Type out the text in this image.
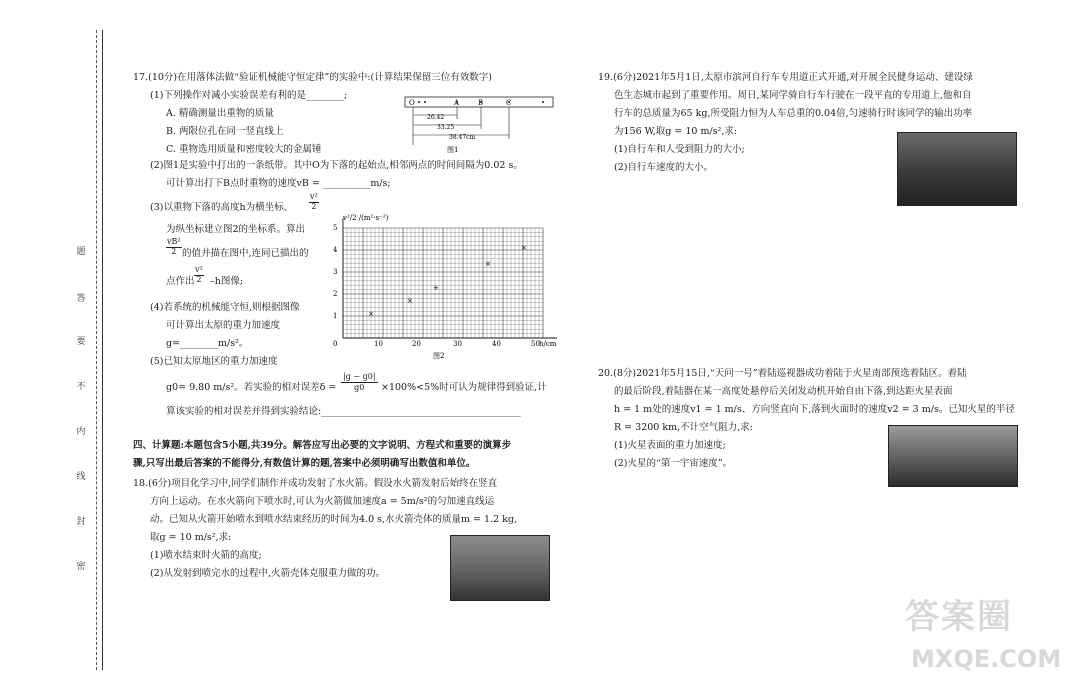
题
答
要
不
内
线
封
密
17.(10分)在用落体法做“验证机械能守恒定律”的实验中:(计算结果保留三位有效数字)
(1)下列操作对减小实验误差有利的是________;
A. 精确测量出重物的质量
B. 两限位孔在同一竖直线上
C. 重物选用质量和密度较大的金属锤
(2)图1是实验中打出的一条纸带。其中O为下落的起始点,相邻两点的时间间隔为0.02 s。
可计算出打下B点时重物的速度vB = __________m/s;
(3)以重物下落的高度h为横坐标、
v²
2
为纵坐标建立图2的坐标系。算出
vB²
2 的值并描在图中,连同已描出的
点作出
v²
2 –h图像;
(4)若系统的机械能守恒,则根据图像
可计算出太原的重力加速度
g=________m/s²。
(5)已知太原地区的重力加速度
g0= 9.80 m/s²。若实验的相对误差δ =
|g − g0|
g0	×100%<5%时可认为规律得到验证,计
算该实验的相对误差并得到实验结论:__________________________________________
O	A	B	C
26.42
33.25
38.47cm
图1
v²/2 /(m²·s⁻²)
h/cm
图2
0	10	20	30	40	50
1
2
3
4
5
×
×
×
×
+
四、计算题:本题包含5小题,共39分。解答应写出必要的文字说明、方程式和重要的演算步
骤,只写出最后答案的不能得分,有数值计算的题,答案中必须明确写出数值和单位。
18.(6分)项目化学习中,同学们制作并成功发射了水火箭。假设水火箭发射后始终在竖直
方向上运动。在水火箭向下喷水时,可认为火箭做加速度a = 5m/s²的匀加速直线运
动。已知从火箭开始喷水到喷水结束经历的时间为4.0 s,水火箭壳体的质量m = 1.2 kg,
取g = 10 m/s²,求:
(1)喷水结束时火箭的高度;
(2)从发射到喷完水的过程中,火箭壳体克服重力做的功。
19.(6分)2021年5月1日,太原市滨河自行车专用道正式开通,对开展全民健身运动、建设绿
色生态城市起到了重要作用。周日,某同学骑自行车行驶在一段平直的专用道上,他和自
行车的总质量为65 kg,所受阻力恒为人车总重的0.04倍,匀速骑行时该同学的输出功率
为156 W,取g = 10 m/s²,求:
(1)自行车和人受到阻力的大小;
(2)自行车速度的大小。
20.(8分)2021年5月15日,“天问一号”着陆巡视器成功着陆于火星南部预选着陆区。着陆
的最后阶段,着陆器在某一高度处悬停后关闭发动机开始自由下落,到达距火星表面
h = 1 m处的速度v1 = 1 m/s、方向竖直向下,落到火面时的速度v2 = 3 m/s。已知火星的半径
R = 3200 km,不计空气阻力,求:
(1)火星表面的重力加速度;
(2)火星的“第一宇宙速度”。
答案圈
MXQE.COM
